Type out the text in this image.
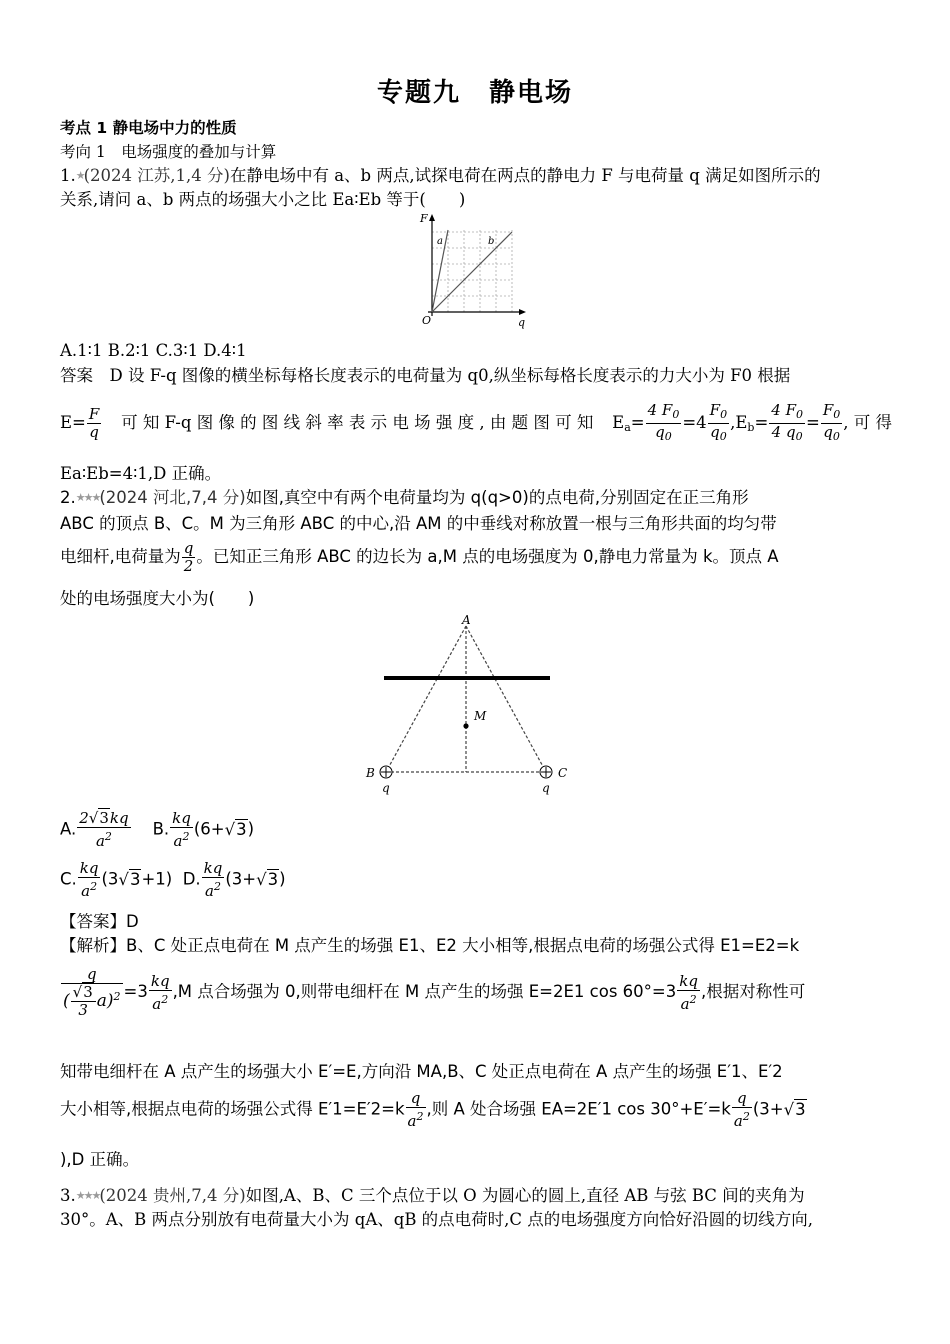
专题九　静电场
考点 1 静电场中力的性质
考向 1　电场强度的叠加与计算
1.★(2024 江苏,1,4 分)在静电场中有 a、b 两点,试探电荷在两点的静电力 F 与电荷量 q 满足如图所示的
关系,请问 a、b 两点的场强大小之比 Ea∶Eb 等于(　　)
F
q
O
a	b
A.1∶1 B.2∶1 C.3∶1 D.4∶1
答案　D 设 F-q 图像的横坐标每格长度表示的电荷量为 q0,纵坐标每格长度表示的力大小为 F0 根据
$E= \frac{F}{q}$	可 知 F-q 图 像 的 图 线 斜 率 表 示 电 场 强 度 , 由 题 图 可 知	$E_a= \frac{4 F_0}{q_0} =4 \frac{F_0}{q_0} ,E_b= \frac{4 F_0}{4 q_0} = \frac{F_0}{q_0}$ , 可 得
Ea∶Eb=4∶1,D 正确。
2.★★★(2024 河北,7,4 分)如图,真空中有两个电荷量均为 q(q>0)的点电荷,分别固定在正三角形
ABC 的顶点 B、C。M 为三角形 ABC 的中心,沿 AM 的中垂线对称放置一根与三角形共面的均匀带
电细杆,电荷量为 $\frac{q}{2}$ 。已知正三角形 ABC 的边长为 a,M 点的电场强度为 0,静电力常量为 k。顶点 A
处的电场强度大小为(　　)
A
B	C
M
q	q
A. $\frac{2√3kq}{a^2} B$. $\frac{kq}{a^2} (6+√3)$
C. $\frac{kq}{a^2} (3√3+1)$  D. $\frac{kq}{a^2} (3+√3)$
【答案】D
【解析】B、C 处正点电荷在 M 点产生的场强 E1、E2 大小相等,根据点电荷的场强公式得 E1=E2=k
$\frac{q}{( \frac{√3}{3} a)^2} =3 \frac{kq}{a^2} ,M$ 点合场强为 0,则带电细杆在 M 点产生的场强 E=2E1 $\cos 60^\circ=3 \frac{kq}{a^2}$ ,根据对称性可
知带电细杆在 A 点产生的场强大小 E′=E,方向沿 MA,B、C 处正点电荷在 A 点产生的场强 E′1、E′2
大小相等,根据点电荷的场强公式得 $E'1=E'2=k \frac{q}{a^2}$ ,则 A 处合场强 EA=2E′1 $\cos 30^\circ+E'=k \frac{q}{a^2} (3+√3$
),D 正确。
3.★★★(2024 贵州,7,4 分)如图,A、B、C 三个点位于以 O 为圆心的圆上,直径 AB 与弦 BC 间的夹角为
30°。A、B 两点分别放有电荷量大小为 qA、qB 的点电荷时,C 点的电场强度方向恰好沿圆的切线方向,
